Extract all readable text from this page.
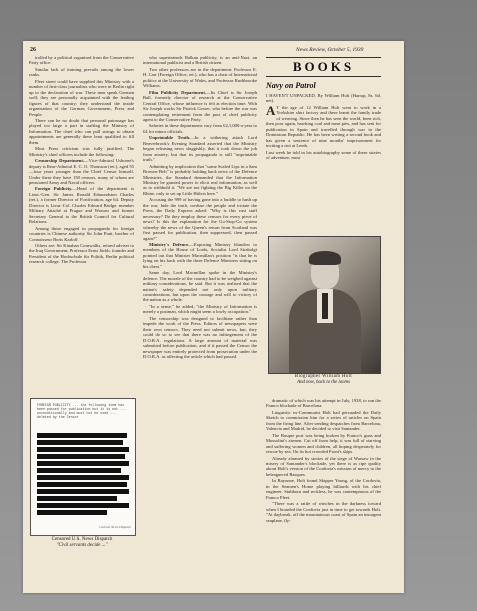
26	News Review, October 5, 1939

trolled by a political organised from the Conservative Party office.

Similar lack of training prevails among the lower ranks.

Fleet street could have supplied this Ministry with a number of first-class journalists who were in Berlin right up to the declaration of war. These men speak German well; they are personally acquainted with the leading figures of that country; they understand the inside organisation of the German Government, Press and People.

There can be no doubt that personal patronage has played too large a part in staffing the Ministry of Information. The chief who can pull strings to obtain appointments are generally these least qualified to fill them.

Most Press criticism was fully justified. The Ministry's chief officers include the following:

Censorship Department.—Vice-Admiral Usborne's deputy is Rear-Admiral E. C. O. Thomson (ret.), aged 55—four years younger than the Chief Censor himself. Under these they have 158 censors, many of whom are pensioned Army and Naval officers.

Foreign Publicity.—Head of the department is Lieut.-Gen. Sir James Ronald Edmondston Charles (ret.), a former Director of Fortification, age 64. Deputy Director is Lieut.-Col. Charles Edward Bridge: member Military Attaché at Prague and Warsaw and former Secretary General to the British Council for Cultural Relations.

Among those engaged in propaganda for foreign countries is Chinese authority Sir John Pratt, brother of Connoisseur Boris Karloff.

Others are: Sir Kinahan Cornwallis, retired adviser to the Iraq Government; Professor Ernst Jäckh, founder and President of the Hochschule für Politik, Berlin political research college. The Professor

FOREIGN PUBLICITY ... the following item has been passed for publication but it is not ... unconditionally and must not be used ... deleted by the Censor
Cartoon News Dispatch
Censored U.S. News Dispatch
"Civil servants decide ..."

who superintends Balkan publicity, is an anti-Nazi, an international publicist and a British citizen.

Two other professors are in the department: Professor E. H. Carr (Foreign Office, ret.), who has a chair of International politics at the University of Wales, and Professor Rushbrooke Williams.

Film Publicity Department.—Its Chief is Sir Joseph Ball, formerly director of research at the Conservative Central Office, whose influence is felt at election time. With Sir Joseph works Sir Patrick Gower, who before the war was contemplating retirement from the post of chief publicity agent to the Conservative Party.

Salaries in these departments vary from £2,1,000-a-year to £4 for minor officials.

Unprintable Truth.—In a withering attack Lord Beaverbrook's Evening Standard asserted that the Ministry began releasing news sluggishly, that it took down the job from anxiety, but that its propaganda is still "unprintable truth."

Admitting by implication that "some Scaled Lips in a Sam Browne Belt" is probably holding back news of the Defence Ministries, the Standard demanded that the Information Ministry be granted power to elicit real information, as well as to withhold it. "We are not fighting the Big Killer on the Rhine, only to set up Little Hitlers here."

Accusing the 999 of having gone into a huddle to hush up the war, hide the truth, confuse the people and irritate the Press, the Daily Express asked: "Why is this vast staff necessary? Do they employ these censors for every piece of news? Is this the explanation for the Go-Stop-Go system whereby the news of the Queen's return from Scotland was first passed for publication, then suppressed, then passed again?"

Ministry's Defence.—Exposing Ministry blunders to members of the House of Lords, Socialist Lord Strabolgi pointed out that Minister Macmillan's position "is that he is lying on his back with the three Defence Ministers sitting on his chest."

Same day, Lord Macmillan spoke in the Ministry's defence. The morale of the country had to be weighed against military considerations, he said. But it was realised that the nation's safety depended not only upon military considerations, but upon the courage and will to victory of the nation as a whole.

"In a sense," he added, "the Ministry of Information is merely a postman, which might seem a lowly occupation."

The censorship was designed to facilitate rather than impede the work of the Press. Editors of newspapers were their own censors. They need not submit news, but, they could do so to see that there was no infringement of the D.O.R.A. regulations. A large amount of material was submitted before publication, and if it passed the Censor the newspaper was entirely protected from prosecution under the D.O.R.A. as affecting the article which had passed.

BOOKS
Navy on Patrol

I HAVEN'T UNPACKED. By William Holt (Harrap, 8s. 6d. net).

A T the age of 12 William Holt went to work in a Yorkshire shirt factory and there learnt the family trade of weaving. Since then he has seen the world, been rich, then poor again, hawking coal and meat pies, and has sent for publication in Spain and travelled through war in the Dominican Republic. He has been writing a second book and has given a sentence of nine months' imprisonment for inciting a riot at Leeds.

Last week he told in his autobiography some of these stories of adventure, most

Biographer William Holt
And now, back to the looms

dramatic of which was his attempt in July, 1938, to run the Franco blockade of Barcelona.

Linguistic ex-Communist Holt had persuaded the Daily Sketch to commission him for a series of articles on Spain from the firing line. After sending despatches from Barcelona, Valencia and Madrid, he decided to visit Santander.

The Basque port was being broken by Franco's guns and Mussolini's airmen. Cut off from help, it was full of starving and suffering women and children, all hoping desperately for rescue by sea. On its hot crowded Front's ships.

Already alarmed by stories of the siege of Warsaw in the misery of Santander's blockade, yet there is as ripe quality about Holt's version of the Cordovia's mission of mercy to the beleaguered Basques.

In Bayonne, Holt found Skipper Young, of the Cordovia, in the Seamen's Home playing billiards with his chief engineer. Stubborn and reckless, he was contemptuous of the Franco Fleet.

"There was a rattle of winches in the darkness toward when I boarded the Cordovia just in time to get towards Holt. "At daybreak, off the mountainous coast of Spain an insurgent seaplane, fly-
